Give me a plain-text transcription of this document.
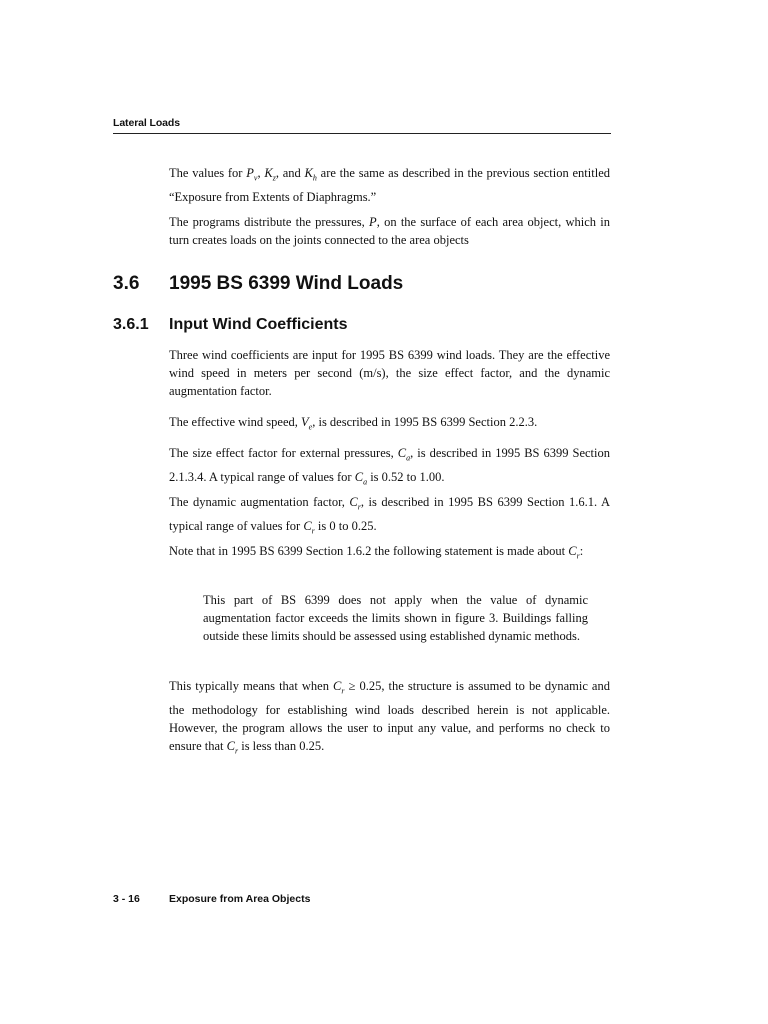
Lateral Loads

The values for $P_v$, $K_z$, and $K_h$ are the same as described in the previous section entitled “Exposure from Extents of Diaphragms.”

The programs distribute the pressures, P, on the surface of each area object, which in turn creates loads on the joints connected to the area objects

3.6 1995 BS 6399 Wind Loads
3.6.1 Input Wind Coefficients

Three wind coefficients are input for 1995 BS 6399 wind loads. They are the effective wind speed in meters per second (m/s), the size effect factor, and the dynamic augmentation factor.

The effective wind speed, $V_e$, is described in 1995 BS 6399 Section 2.2.3.

The size effect factor for external pressures, $C_a$, is described in 1995 BS 6399 Section 2.1.3.4. A typical range of values for $C_a$ is 0.52 to 1.00.

The dynamic augmentation factor, $C_r$, is described in 1995 BS 6399 Section 1.6.1. A typical range of values for $C_r$ is 0 to 0.25.

Note that in 1995 BS 6399 Section 1.6.2 the following statement is made about $C_r$:

This part of BS 6399 does not apply when the value of dynamic augmentation factor exceeds the limits shown in figure 3. Buildings falling outside these limits should be assessed using established dynamic methods.

This typically means that when $C_r \ge 0.25$, the structure is assumed to be dynamic and the methodology for establishing wind loads described herein is not applicable. However, the program allows the user to input any value, and performs no check to ensure that $C_r$ is less than 0.25.

3 - 16	Exposure from Area Objects
